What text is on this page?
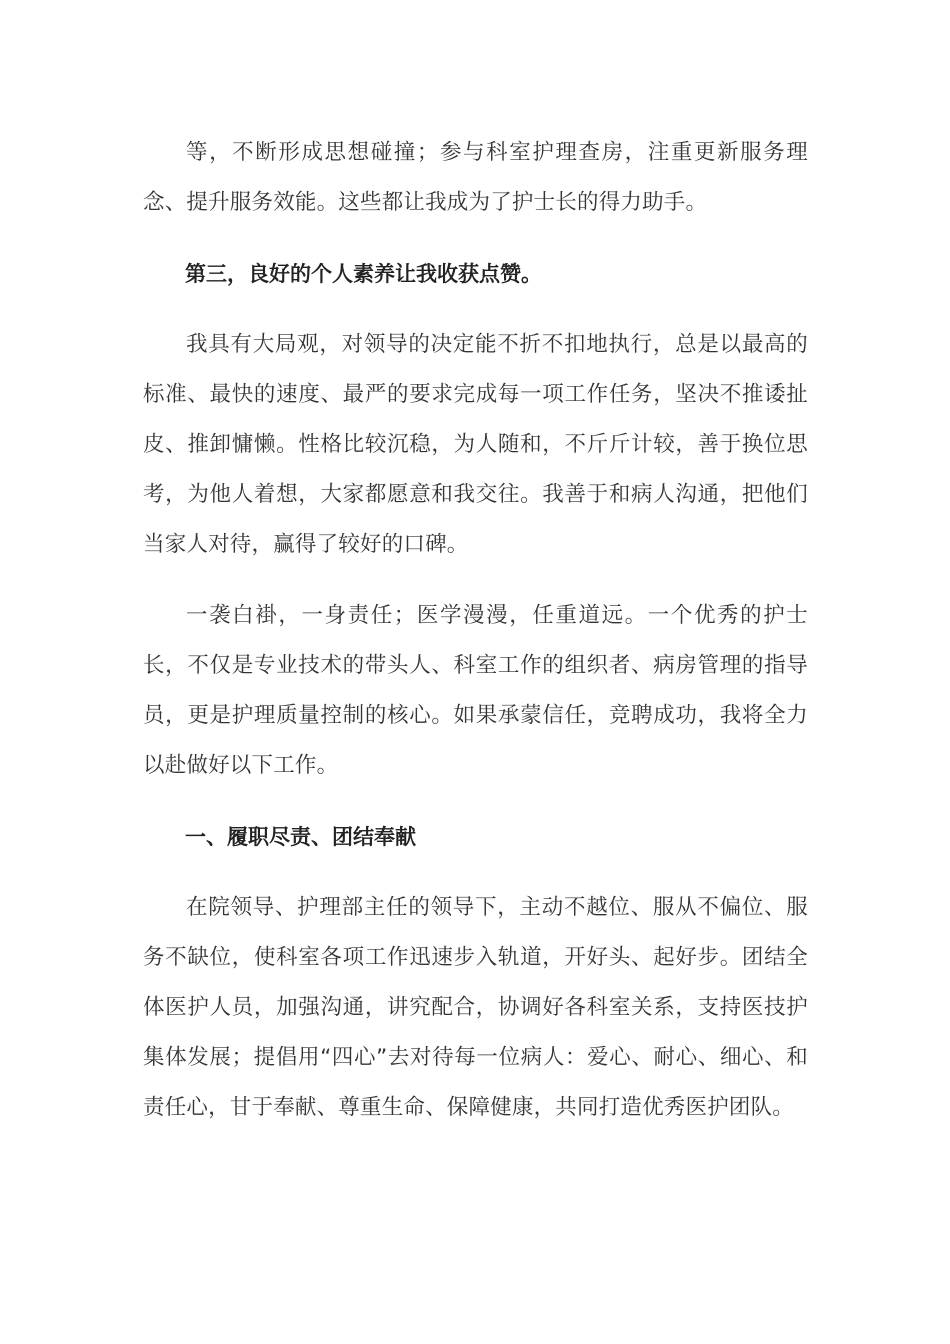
等，不断形成思想碰撞；参与科室护理查房，注重更新服务理念、提升服务效能。这些都让我成为了护士长的得力助手。

第三，良好的个人素养让我收获点赞。

我具有大局观，对领导的决定能不折不扣地执行，总是以最高的标准、最快的速度、最严的要求完成每一项工作任务，坚决不推诿扯皮、推卸慵懒。性格比较沉稳，为人随和，不斤斤计较，善于换位思考，为他人着想，大家都愿意和我交往。我善于和病人沟通，把他们当家人对待，赢得了较好的口碑。

一袭白褂，一身责任；医学漫漫，任重道远。一个优秀的护士长，不仅是专业技术的带头人、科室工作的组织者、病房管理的指导员，更是护理质量控制的核心。如果承蒙信任，竞聘成功，我将全力以赴做好以下工作。

一、履职尽责、团结奉献

在院领导、护理部主任的领导下，主动不越位、服从不偏位、服务不缺位，使科室各项工作迅速步入轨道，开好头、起好步。团结全体医护人员，加强沟通，讲究配合，协调好各科室关系，支持医技护集体发展；提倡用“四心”去对待每一位病人：爱心、耐心、细心、和责任心，甘于奉献、尊重生命、保障健康，共同打造优秀医护团队。
